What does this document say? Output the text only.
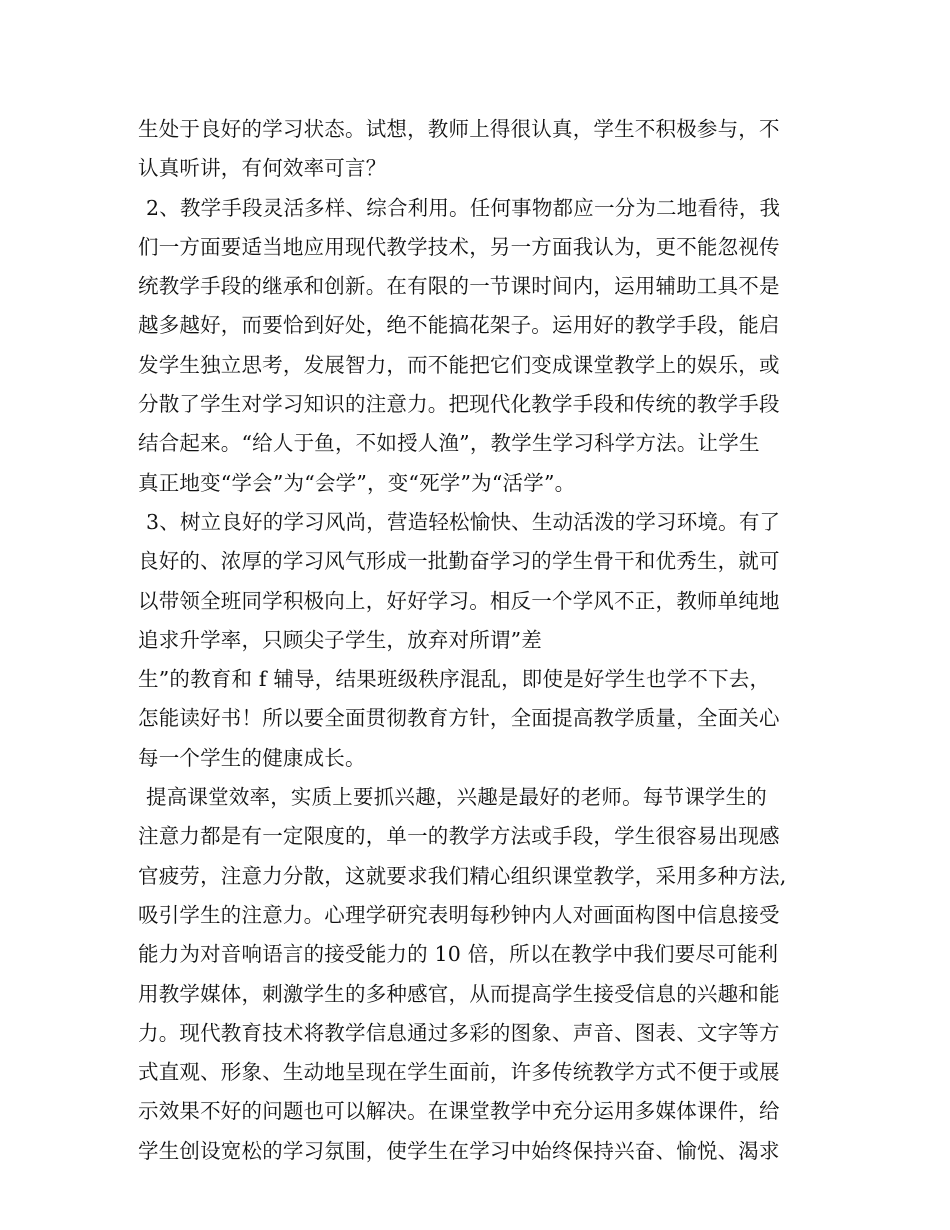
生处于良好的学习状态。试想，教师上得很认真，学生不积极参与，不
认真听讲，有何效率可言？
2、教学手段灵活多样、综合利用。任何事物都应一分为二地看待，我
们一方面要适当地应用现代教学技术，另一方面我认为，更不能忽视传
统教学手段的继承和创新。在有限的一节课时间内，运用辅助工具不是
越多越好，而要恰到好处，绝不能搞花架子。运用好的教学手段，能启
发学生独立思考，发展智力，而不能把它们变成课堂教学上的娱乐，或
分散了学生对学习知识的注意力。把现代化教学手段和传统的教学手段
结合起来。“给人于鱼，不如授人渔”，教学生学习科学方法。让学生
真正地变“学会”为“会学”，变“死学”为“活学”。
3、树立良好的学习风尚，营造轻松愉快、生动活泼的学习环境。有了
良好的、浓厚的学习风气形成一批勤奋学习的学生骨干和优秀生，就可
以带领全班同学积极向上，好好学习。相反一个学风不正，教师单纯地
追求升学率，只顾尖子学生，放弃对所谓”差
生”的教育和 f 辅导，结果班级秩序混乱，即使是好学生也学不下去，
怎能读好书！所以要全面贯彻教育方针，全面提高教学质量，全面关心
每一个学生的健康成长。
提高课堂效率，实质上要抓兴趣，兴趣是最好的老师。每节课学生的
注意力都是有一定限度的，单一的教学方法或手段，学生很容易出现感
官疲劳，注意力分散，这就要求我们精心组织课堂教学，采用多种方法,
吸引学生的注意力。心理学研究表明每秒钟内人对画面构图中信息接受
能力为对音响语言的接受能力的 10 倍，所以在教学中我们要尽可能利
用教学媒体，刺激学生的多种感官，从而提高学生接受信息的兴趣和能
力。现代教育技术将教学信息通过多彩的图象、声音、图表、文字等方
式直观、形象、生动地呈现在学生面前，许多传统教学方式不便于或展
示效果不好的问题也可以解决。在课堂教学中充分运用多媒体课件，给
学生创设宽松的学习氛围，使学生在学习中始终保持兴奋、愉悦、渴求
